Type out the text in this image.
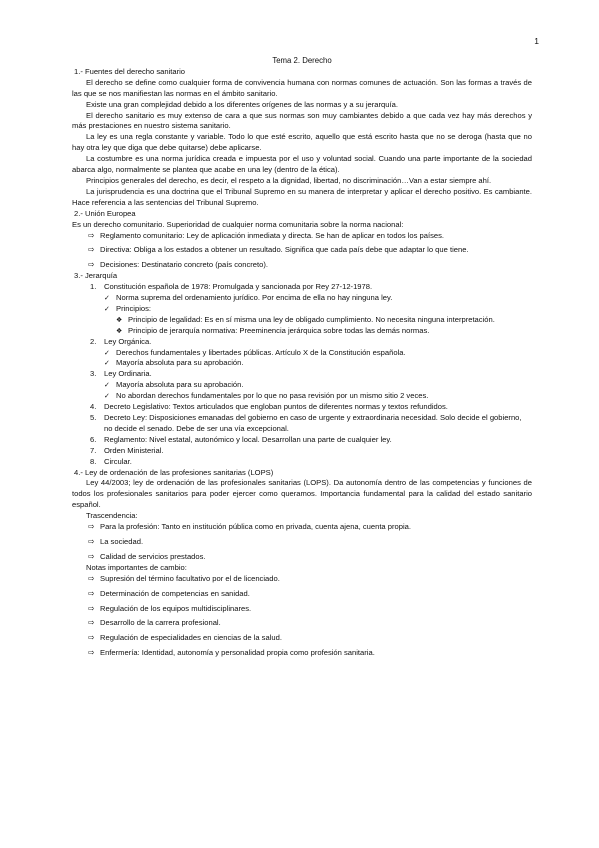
1

Tema 2. Derecho

1.- Fuentes del derecho sanitario

El derecho se define como cualquier forma de convivencia humana con normas comunes de actuación. Son las formas a través de las que se nos manifiestan las normas en el ámbito sanitario.

Existe una gran complejidad debido a los diferentes orígenes de las normas y a su jerarquía.

El derecho sanitario es muy extenso de cara a que sus normas son muy cambiantes debido a que cada vez hay más derechos y más prestaciones en nuestro sistema sanitario.

La ley es una regla constante y variable. Todo lo que esté escrito, aquello que está escrito hasta que no se deroga (hasta que no hay otra ley que diga que debe quitarse) debe aplicarse.

La costumbre es una norma jurídica creada e impuesta por el uso y voluntad social. Cuando una parte importante de la sociedad abarca algo, normalmente se plantea que acabe en una ley (dentro de la ética).

Principios generales del derecho, es decir, el respeto a la dignidad, libertad, no discriminación…Van a estar siempre ahí.

La jurisprudencia es una doctrina que el Tribunal Supremo en su manera de interpretar y aplicar el derecho positivo. Es cambiante. Hace referencia a las sentencias del Tribunal Supremo.

2.- Unión Europea

Es un derecho comunitario. Superioridad de cualquier norma comunitaria sobre la norma nacional:

⇨ Reglamento comunitario: Ley de aplicación inmediata y directa. Se han de aplicar en todos los países.
⇨ Directiva: Obliga a los estados a obtener un resultado. Significa que cada país debe que adaptar lo que tiene.
⇨ Decisiones: Destinatario concreto (país concreto).

3.- Jerarquía

1.	Constitución española de 1978: Promulgada y sancionada por Rey 27-12-1978.
✓ Norma suprema del ordenamiento jurídico. Por encima de ella no hay ninguna ley.
✓ Principios:
❖ Principio de legalidad: Es en sí misma una ley de obligado cumplimiento. No necesita ninguna interpretación.
❖ Principio de jerarquía normativa: Preeminencia jerárquica sobre todas las demás normas.
2.	Ley Orgánica.
✓ Derechos fundamentales y libertades públicas. Artículo X de la Constitución española.
✓ Mayoría absoluta para su aprobación.
3.	Ley Ordinaria.
✓ Mayoría absoluta para su aprobación.
✓ No abordan derechos fundamentales por lo que no pasa revisión por un mismo sitio 2 veces.
4.	Decreto Legislativo: Textos articulados que engloban puntos de diferentes normas y textos refundidos.
5.	Decreto Ley: Disposiciones emanadas del gobierno en caso de urgente y extraordinaria necesidad. Solo decide el gobierno, no decide el senado. Debe de ser una vía excepcional.
6.	Reglamento: Nivel estatal, autonómico y local. Desarrollan una parte de cualquier ley.
7.	Orden Ministerial.
8.	Circular.

4.- Ley de ordenación de las profesiones sanitarias (LOPS)

Ley 44/2003; ley de ordenación de las profesionales sanitarias (LOPS). Da autonomía dentro de las competencias y funciones de todos los profesionales sanitarios para poder ejercer como queramos. Importancia fundamental para la calidad del estado sanitario español.

Trascendencia:

⇨ Para la profesión: Tanto en institución pública como en privada, cuenta ajena, cuenta propia.
⇨ La sociedad.
⇨ Calidad de servicios prestados.

Notas importantes de cambio:

⇨ Supresión del término facultativo por el de licenciado.
⇨ Determinación de competencias en sanidad.
⇨ Regulación de los equipos multidisciplinares.
⇨ Desarrollo de la carrera profesional.
⇨ Regulación de especialidades en ciencias de la salud.
⇨ Enfermería: Identidad, autonomía y personalidad propia como profesión sanitaria.
